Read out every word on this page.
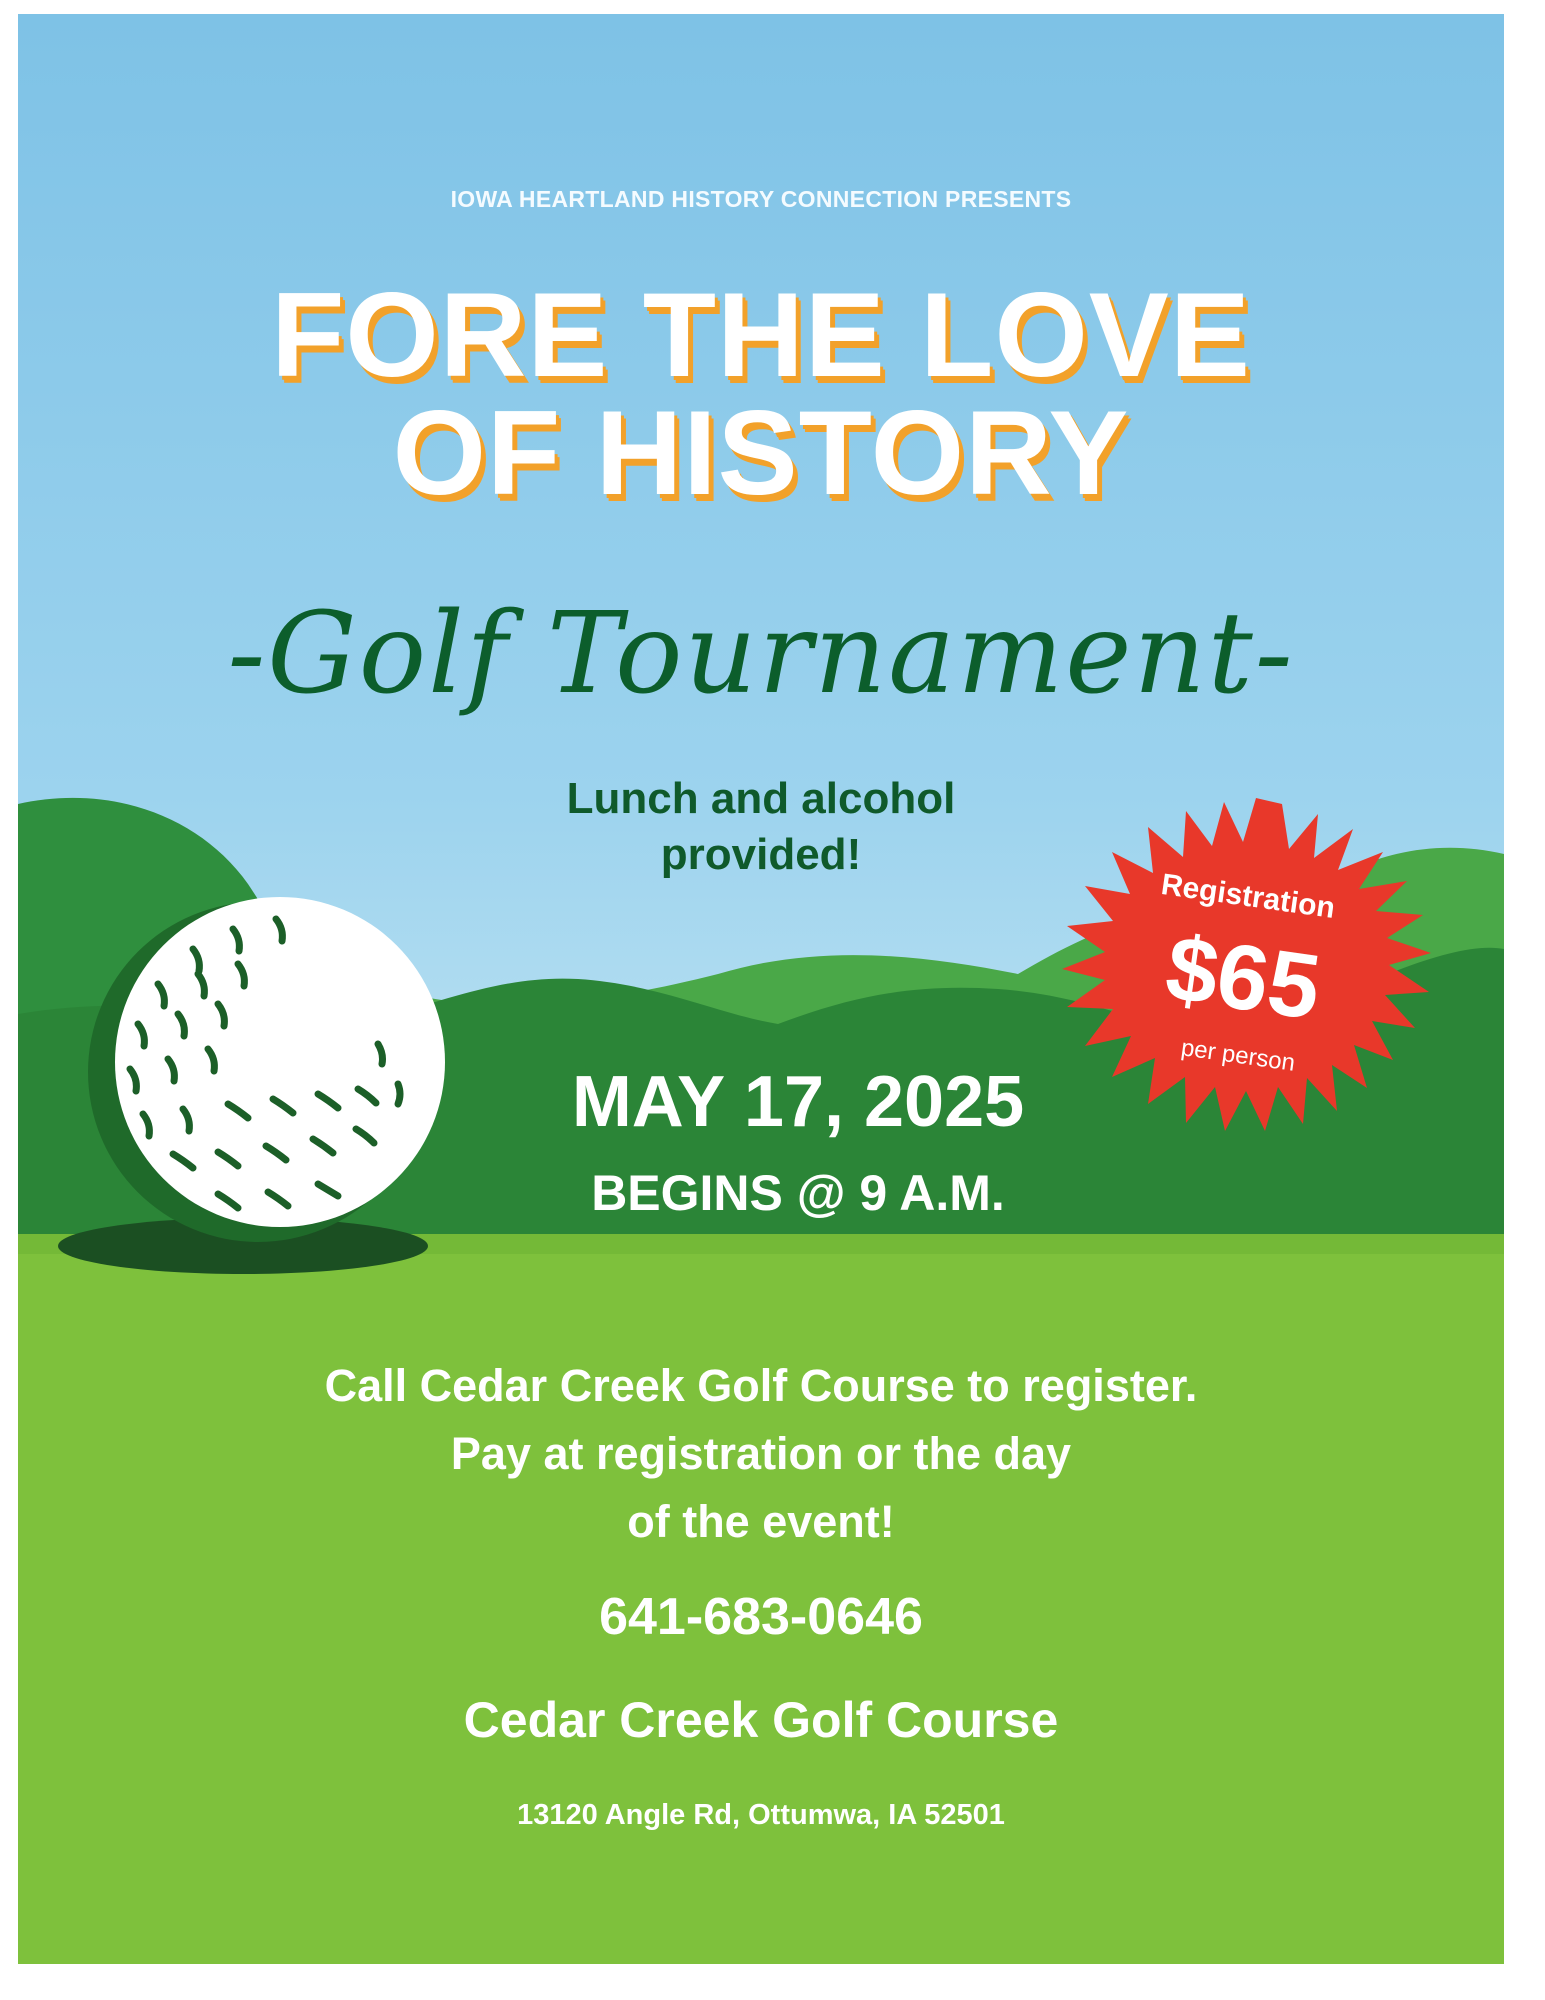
IOWA HEARTLAND HISTORY CONNECTION PRESENTS

FORE THE LOVE
OF HISTORY

-Golf Tournament-

Lunch and alcohol
provided!
Registration
$65
per person

MAY 17, 2025

BEGINS @ 9 A.M.

Call Cedar Creek Golf Course to register.
Pay at registration or the day
of the event!

641-683-0646

Cedar Creek Golf Course

13120 Angle Rd, Ottumwa, IA 52501
